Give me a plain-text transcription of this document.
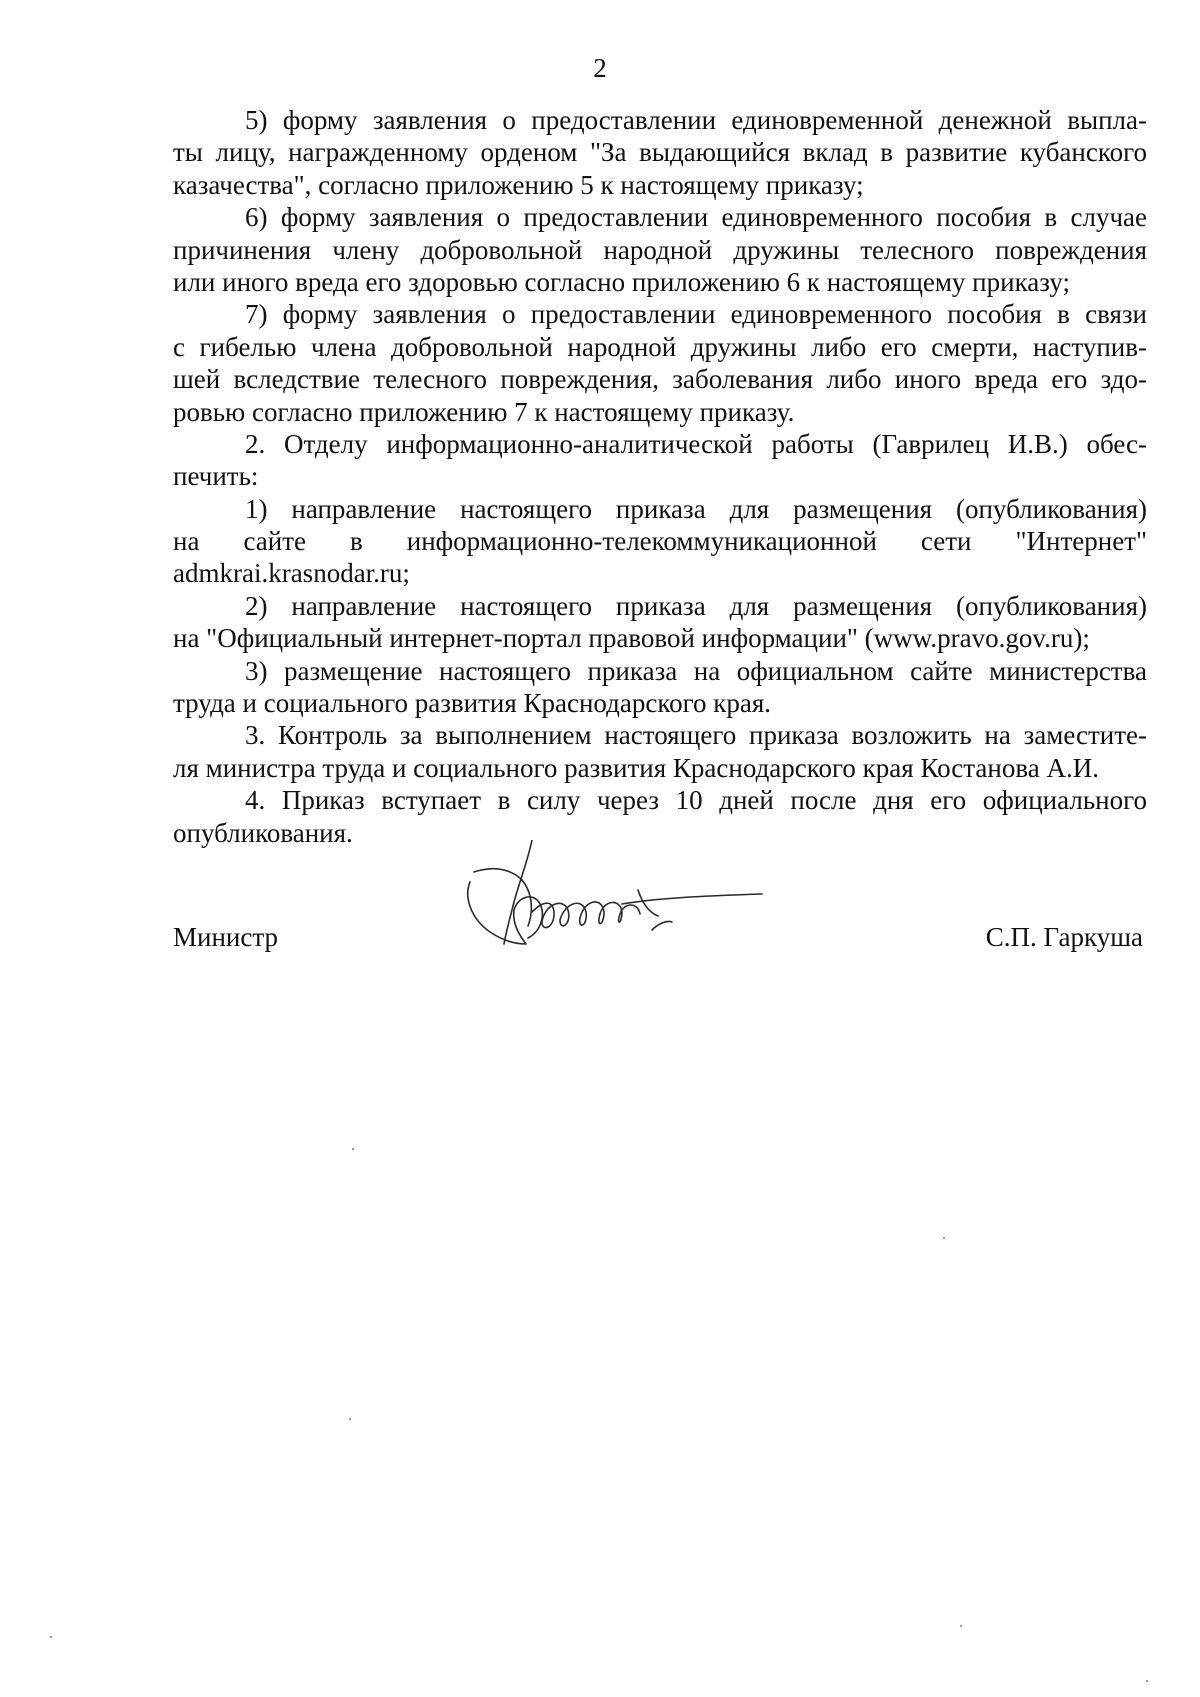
2

5) форму заявления о предоставлении единовременной денежной выпла-
ты лицу, награжденному орденом "За выдающийся вклад в развитие кубанского
казачества", согласно приложению 5 к настоящему приказу;

6) форму заявления о предоставлении единовременного пособия в случае
причинения члену добровольной народной дружины телесного повреждения
или иного вреда его здоровью согласно приложению 6 к настоящему приказу;

7) форму заявления о предоставлении единовременного пособия в связи
с гибелью члена добровольной народной дружины либо его смерти, наступив-
шей вследствие телесного повреждения, заболевания либо иного вреда его здо-
ровью согласно приложению 7 к настоящему приказу.

2. Отделу информационно-аналитической работы (Гаврилец И.В.) обес-
печить:

1) направление настоящего приказа для размещения (опубликования)
на сайте в информационно-телекоммуникационной сети "Интернет"
admkrai.krasnodar.ru;

2) направление настоящего приказа для размещения (опубликования)
на "Официальный интернет-портал правовой информации" (www.pravo.gov.ru);

3) размещение настоящего приказа на официальном сайте министерства
труда и социального развития Краснодарского края.

3. Контроль за выполнением настоящего приказа возложить на заместите-
ля министра труда и социального развития Краснодарского края Костанова А.И.

4. Приказ вступает в силу через 10 дней после дня его официального
опубликования.

Министр	С.П. Гаркуша
